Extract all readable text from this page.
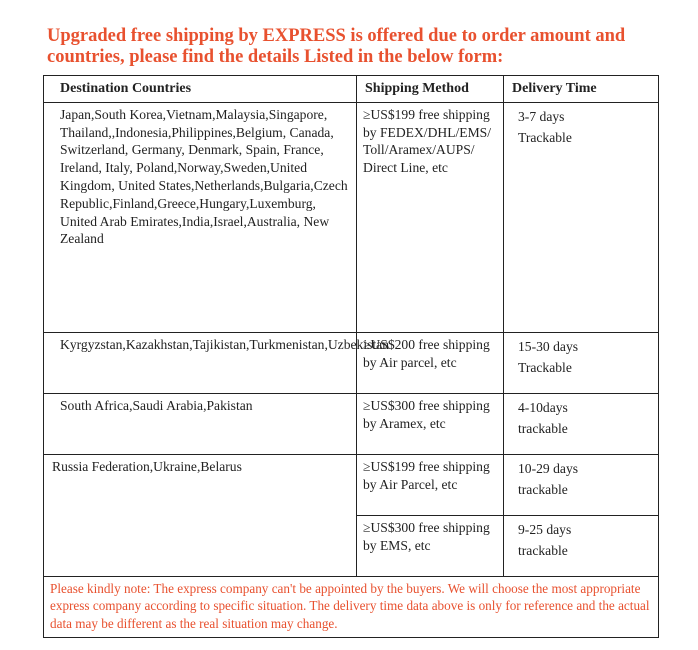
Upgraded free shipping by EXPRESS is offered due to order amount and countries, please find the details Listed in the below form:
Destination Countries	Shipping Method	Delivery Time
Japan,South Korea,Vietnam,Malaysia,Singapore, Thailand,,Indonesia,Philippines,Belgium, Canada, Switzerland, Germany, Denmark, Spain, France, Ireland, Italy, Poland,Norway,Sweden,United Kingdom, United States,Netherlands,Bulgaria,Czech Republic,Finland,Greece,Hungary,Luxemburg, United Arab Emirates,India,Israel,Australia, New Zealand	≥US$199 free shipping by FEDEX/DHL/EMS/ Toll/Aramex/AUPS/ Direct Line, etc	3-7 days
Trackable

Kyrgyzstan,Kazakhstan,Tajikistan,Turkmenistan,Uzbekistan	≥US$200 free shipping by Air parcel, etc	15-30 days
Trackable

South Africa,Saudi Arabia,Pakistan	≥US$300 free shipping by Aramex, etc	4-10days
trackable

Russia Federation,Ukraine,Belarus	≥US$199 free shipping by Air Parcel, etc	10-29 days
trackable

	≥US$300 free shipping by EMS, etc	9-25 days
trackable

Please kindly note: The express company can't be appointed by the buyers. We will choose the most appropriate express company according to specific situation. The delivery time data above is only for reference and the actual data may be different as the real situation may change.		
